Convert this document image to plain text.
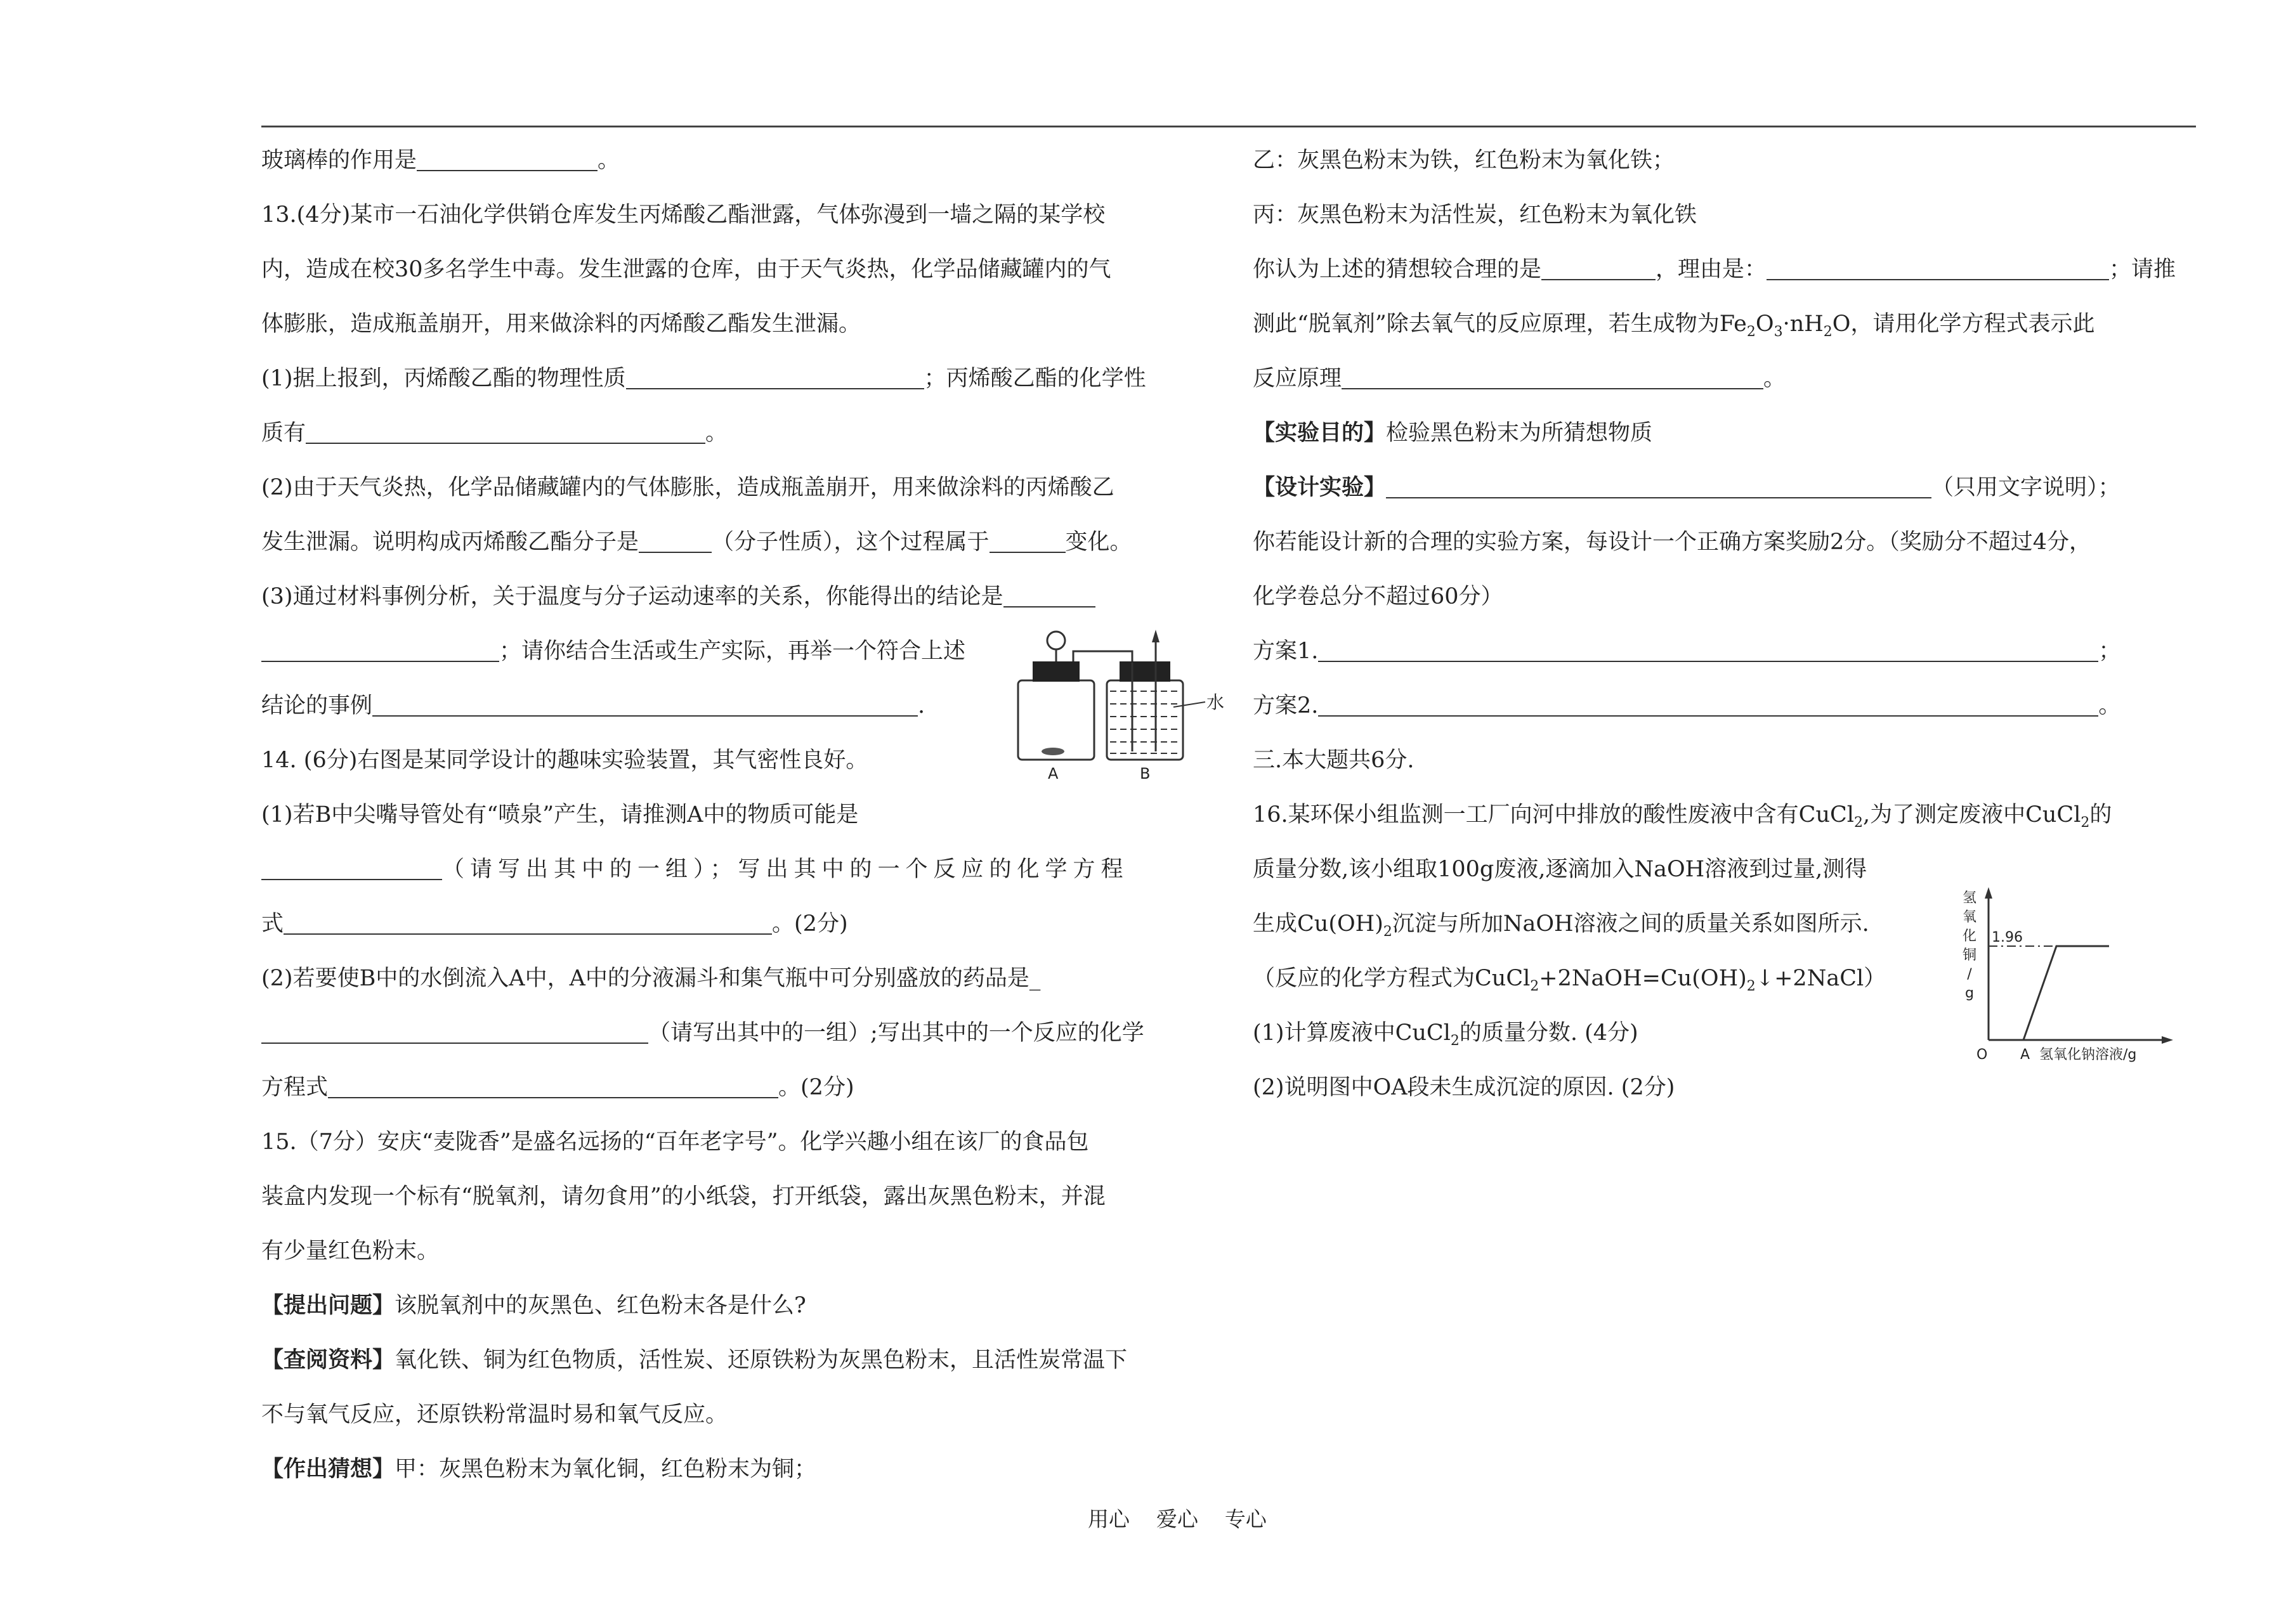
玻璃棒的作用是	。
13.(4分)某市一石油化学供销仓库发生丙烯酸乙酯泄露，气体弥漫到一墙之隔的某学校
内，造成在校30多名学生中毒。发生泄露的仓库，由于天气炎热，化学品储藏罐内的气
体膨胀，造成瓶盖崩开，用来做涂料的丙烯酸乙酯发生泄漏。
(1)据上报到，丙烯酸乙酯的物理性质	；丙烯酸乙酯的化学性
质有	。
(2)由于天气炎热，化学品储藏罐内的气体膨胀，造成瓶盖崩开，用来做涂料的丙烯酸乙
发生泄漏。说明构成丙烯酸乙酯分子是	（分子性质），这个过程属于	变化。
(3)通过材料事例分析，关于温度与分子运动速率的关系，你能得出的结论是
；请你结合生活或生产实际，再举一个符合上述
结论的事例	.
14. (6分)右图是某同学设计的趣味实验装置，其气密性良好。
(1)若B中尖嘴导管处有“喷泉”产生，请推测A中的物质可能是
（请写出其中的一组）；写出其中的一个反应的化学方程
式	。(2分)
(2)若要使B中的水倒流入A中，A中的分液漏斗和集气瓶中可分别盛放的药品是_
（请写出其中的一组）;写出其中的一个反应的化学
方程式	。(2分)
15.（7分）安庆“麦陇香”是盛名远扬的“百年老字号”。化学兴趣小组在该厂的食品包
装盒内发现一个标有“脱氧剂，请勿食用”的小纸袋，打开纸袋，露出灰黑色粉末，并混
有少量红色粉末。
【提出问题】该脱氧剂中的灰黑色、红色粉末各是什么?
【查阅资料】氧化铁、铜为红色物质，活性炭、还原铁粉为灰黑色粉末，且活性炭常温下
不与氧气反应，还原铁粉常温时易和氧气反应。
【作出猜想】甲：灰黑色粉末为氧化铜，红色粉末为铜；
水
A	B
乙：灰黑色粉末为铁，红色粉末为氧化铁；
丙：灰黑色粉末为活性炭，红色粉末为氧化铁
你认为上述的猜想较合理的是	，理由是：	；请推
测此“脱氧剂”除去氧气的反应原理，若生成物为$Fe_2O_3\cdot nH_2O$，请用化学方程式表示此
反应原理	。
【实验目的】检验黑色粉末为所猜想物质
【设计实验】	（只用文字说明）；
你若能设计新的合理的实验方案，每设计一个正确方案奖励2分。（奖励分不超过4分，
化学卷总分不超过60分）
方案1.	；
方案2.	。
三.本大题共6分.
16.某环保小组监测一工厂向河中排放的酸性废液中含有CuCl$_2$,为了测定废液中CuCl$_2$的
质量分数,该小组取100g废液,逐滴加入NaOH溶液到过量,测得
生成$Cu(OH)_2$沉淀与所加NaOH溶液之间的质量关系如图所示.
（反应的化学方程式为$CuCl_2+2NaOH=Cu(OH)_2↓+2NaCl$）
(1)计算废液中CuCl$_2$的质量分数. (4分)
(2)说明图中OA段未生成沉淀的原因. (2分)
氢氧化铜/ g
1.96
O A 氢氧化钠溶液/g
用心    爱心    专心
